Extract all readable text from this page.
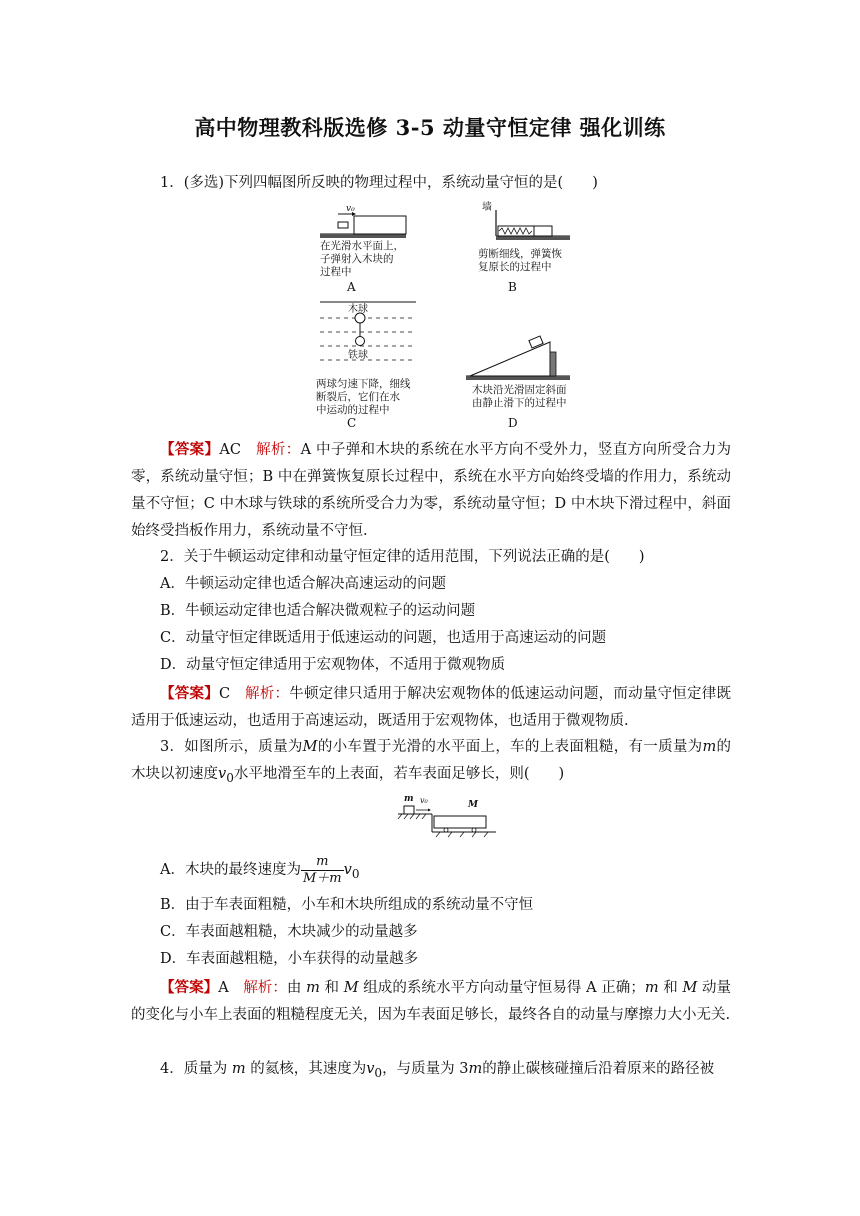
高中物理教科版选修 3-5 动量守恒定律 强化训练
1．(多选)下列四幅图所反映的物理过程中，系统动量守恒的是(　　)
v₀
在光滑水平面上，
子弹射入木块的
过程中
A
墙
剪断细线，弹簧恢
复原长的过程中
B
木球
铁球
两球匀速下降，细线
断裂后，它们在水
中运动的过程中
C
木块沿光滑固定斜面
由静止滑下的过程中
D
【答案】AC　 解析：A 中子弹和木块的系统在水平方向不受外力，竖直方向所受合力为零，系统动量守恒；B 中在弹簧恢复原长过程中，系统在水平方向始终受墙的作用力，系统动量不守恒；C 中木球与铁球的系统所受合力为零，系统动量守恒；D 中木块下滑过程中，斜面始终受挡板作用力，系统动量不守恒.
2．关于牛顿运动定律和动量守恒定律的适用范围，下列说法正确的是(　　)
A．牛顿运动定律也适合解决高速运动的问题
B．牛顿运动定律也适合解决微观粒子的运动问题
C．动量守恒定律既适用于低速运动的问题，也适用于高速运动的问题
D．动量守恒定律适用于宏观物体，不适用于微观物质
【答案】C　 解析：牛顿定律只适用于解决宏观物体的低速运动问题，而动量守恒定律既适用于低速运动，也适用于高速运动，既适用于宏观物体，也适用于微观物质.
3．如图所示，质量为M的小车置于光滑的水平面上，车的上表面粗糙，有一质量为m的木块以初速度$v_0$水平地滑至车的上表面，若车表面足够长，则(　　)
m v₀	M
A．木块的最终速度为 $\frac{m}{M+m} v_0$
B．由于车表面粗糙，小车和木块所组成的系统动量不守恒
C．车表面越粗糙，木块减少的动量越多
D．车表面越粗糙，小车获得的动量越多
【答案】A　 解析：由 m 和 M 组成的系统水平方向动量守恒易得 A 正确；m 和 M 动量的变化与小车上表面的粗糙程度无关，因为车表面足够长，最终各自的动量与摩擦力大小无关.
4．质量为 m 的氦核，其速度为$v_0$，与质量为 3m的静止碳核碰撞后沿着原来的路径被
